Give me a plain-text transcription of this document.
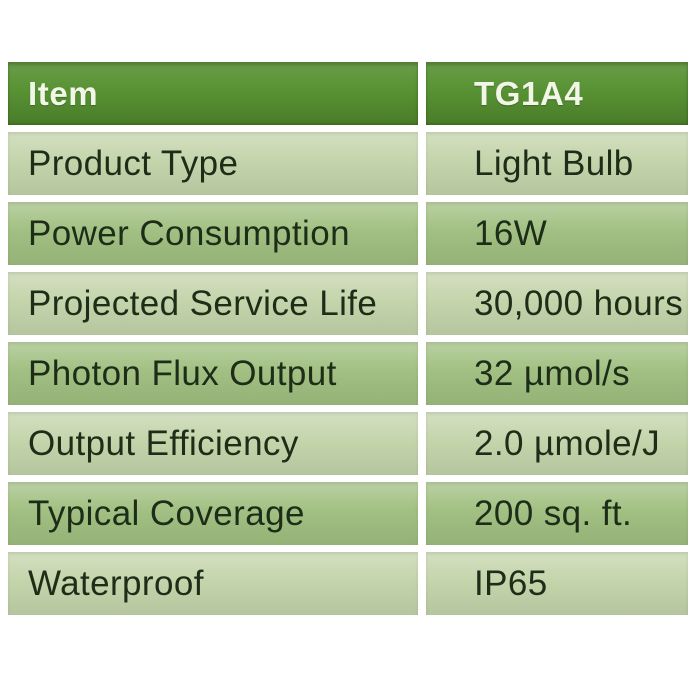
Item	TG1A4
Product Type	Light Bulb
Power Consumption	16W
Projected Service Life	30,000 hours
Photon Flux Output	32 µmol/s
Output Efficiency	2.0 µmole/J
Typical Coverage	200 sq. ft.
Waterproof	IP65
